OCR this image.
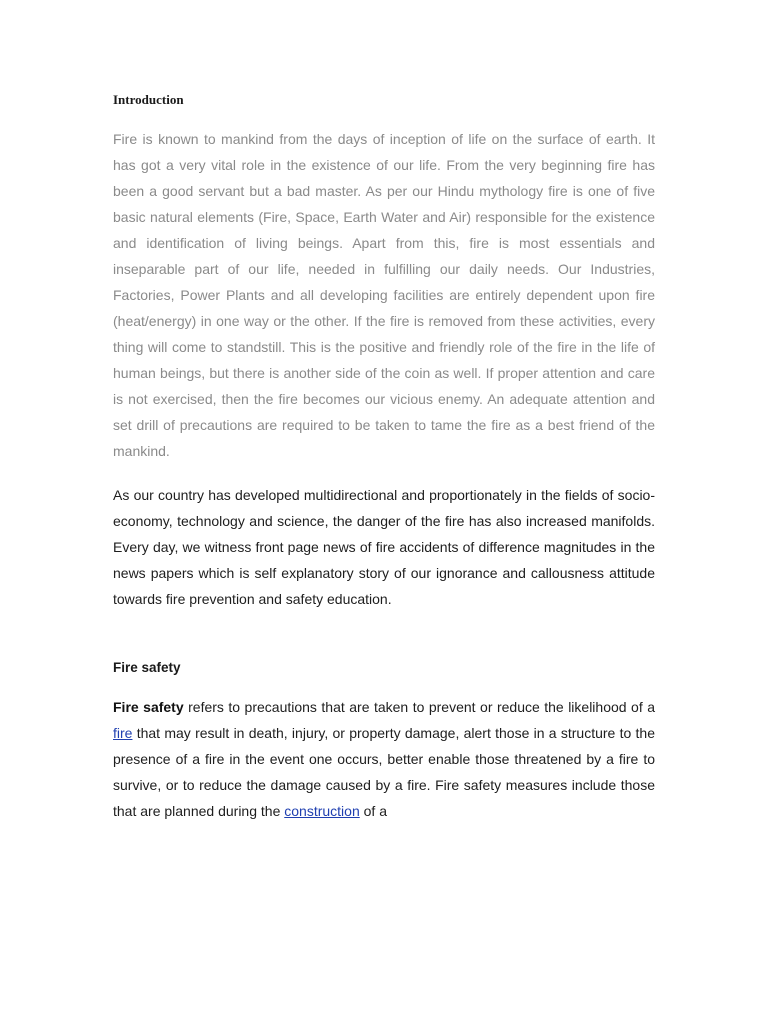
Introduction

Fire is known to mankind from the days of inception of life on the surface of earth. It has got a very vital role in the existence of our life. From the very beginning fire has been a good servant but a bad master. As per our Hindu mythology fire is one of five basic natural elements (Fire, Space, Earth Water and Air) responsible for the existence and identification of living beings. Apart from this, fire is most essentials and inseparable part of our life, needed in fulfilling our daily needs. Our Industries, Factories, Power Plants and all developing facilities are entirely dependent upon fire (heat/energy) in one way or the other. If the fire is removed from these activities, every thing will come to standstill. This is the positive and friendly role of the fire in the life of human beings, but there is another side of the coin as well. If proper attention and care is not exercised, then the fire becomes our vicious enemy. An adequate attention and set drill of precautions are required to be taken to tame the fire as a best friend of the mankind.

As our country has developed multidirectional and proportionately in the fields of socio-economy, technology and science, the danger of the fire has also increased manifolds. Every day, we witness front page news of fire accidents of difference magnitudes in the news papers which is self explanatory story of our ignorance and callousness attitude towards fire prevention and safety education.

Fire safety

Fire safety refers to precautions that are taken to prevent or reduce the likelihood of a fire that may result in death, injury, or property damage, alert those in a structure to the presence of a fire in the event one occurs, better enable those threatened by a fire to survive, or to reduce the damage caused by a fire. Fire safety measures include those that are planned during the construction of a
